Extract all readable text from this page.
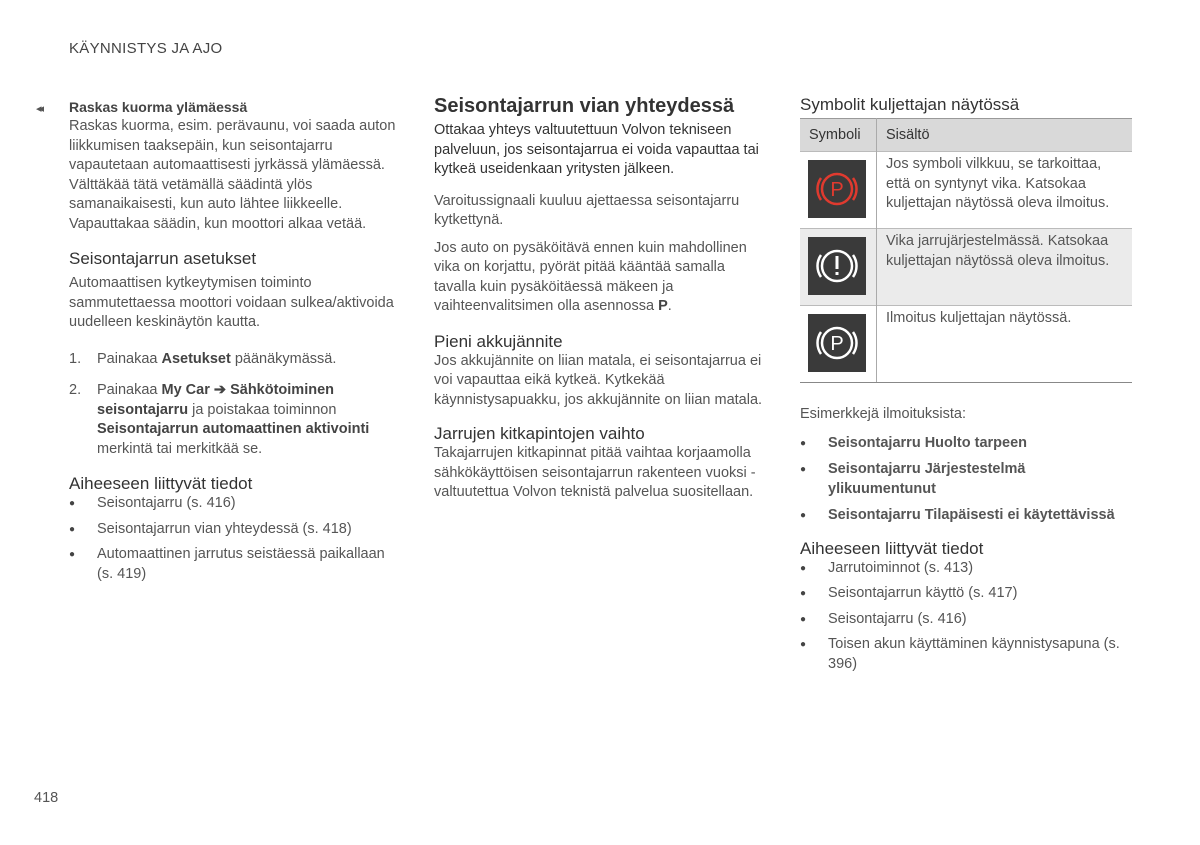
KÄYNNISTYS JA AJO
◂◂ Raskas kuorma ylämäessä

Raskas kuorma, esim. perävaunu, voi saada auton liikkumisen taaksepäin, kun seisontajarru vapautetaan automaattisesti jyrkässä ylämäessä. Välttäkää tätä vetämällä säädintä ylös samanaikaisesti, kun auto lähtee liikkeelle. Vapauttakaa säädin, kun moottori alkaa vetää.

Seisontajarrun asetukset

Automaattisen kytkeytymisen toiminto sammutettaessa moottori voidaan sulkea/aktivoida uudelleen keskinäytön kautta.

1. Painakaa Asetukset päänäkymässä.
2. Painakaa My Car ➔ Sähkötoiminen seisontajarru ja poistakaa toiminnon Seisontajarrun automaattinen aktivointi merkintä tai merkitkää se.
Aiheeseen liittyvät tiedot
● Seisontajarru (s. 416)
● Seisontajarrun vian yhteydessä (s. 418)
● Automaattinen jarrutus seistäessä paikallaan (s. 419)
Seisontajarrun vian yhteydessä

Ottakaa yhteys valtuutettuun Volvon tekniseen palveluun, jos seisontajarrua ei voida vapauttaa tai kytkeä useidenkaan yritysten jälkeen.

Varoitussignaali kuuluu ajettaessa seisontajarru kytkettynä.

Jos auto on pysäköitävä ennen kuin mahdollinen vika on korjattu, pyörät pitää kääntää samalla tavalla kuin pysäköitäessä mäkeen ja vaihteenvalitsimen olla asennossa P.

Pieni akkujännite

Jos akkujännite on liian matala, ei seisontajarrua ei voi vapauttaa eikä kytkeä. Kytkekää käynnistysapuakku, jos akkujännite on liian matala.

Jarrujen kitkapintojen vaihto

Takajarrujen kitkapinnat pitää vaihtaa korjaamolla sähkökäyttöisen seisontajarrun rakenteen vuoksi - valtuutettua Volvon teknistä palvelua suositellaan.

Symbolit kuljettajan näytössä
Symboli	Sisältö

P	Jos symboli vilkkuu, se tarkoittaa, että on syntynyt vika. Katsokaa kuljettajan näytössä oleva ilmoitus.

	Vika jarrujärjestelmässä. Katsokaa kuljettajan näytössä oleva ilmoitus.

P	Ilmoitus kuljettajan näytössä.

Esimerkkejä ilmoituksista:

● Seisontajarru Huolto tarpeen
● Seisontajarru Järjestestelmä ylikuumentunut
● Seisontajarru Tilapäisesti ei käytettävissä
Aiheeseen liittyvät tiedot
● Jarrutoiminnot (s. 413)
● Seisontajarrun käyttö (s. 417)
● Seisontajarru (s. 416)
● Toisen akun käyttäminen käynnistysapuna (s. 396)
418
